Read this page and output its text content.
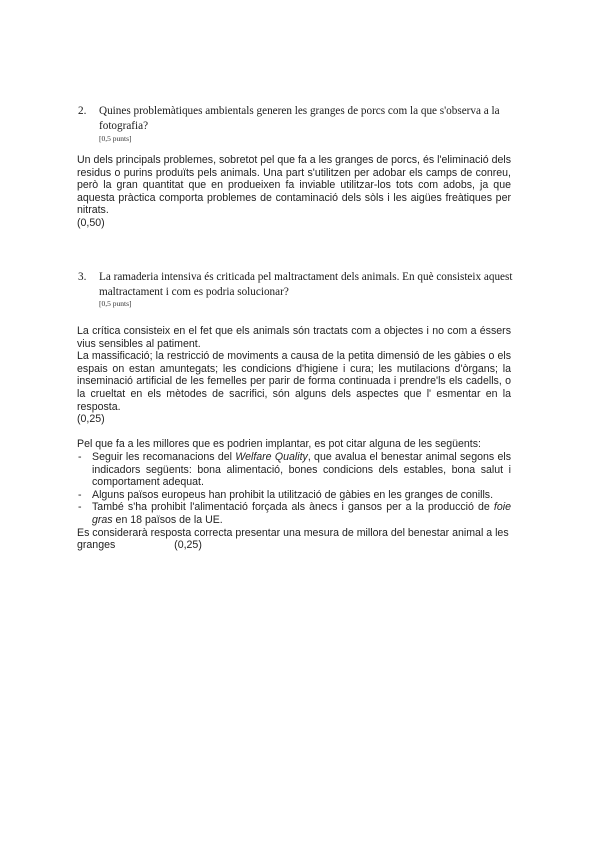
2. Quines problemàtiques ambientals generen les granges de porcs com la que s'observa a la fotografia?
[0,5 punts]

Un dels principals problemes, sobretot pel que fa a les granges de porcs, és l'eliminació dels residus o purins produïts pels animals. Una part s'utilitzen per adobar els camps de conreu, però la gran quantitat que en produeixen fa inviable utilitzar-los tots com adobs, ja que aquesta pràctica comporta problemes de contaminació dels sòls i les aigües freàtiques per nitrats.

(0,50)

3. La ramaderia intensiva és criticada pel maltractament dels animals. En què consisteix aquest maltractament i com es podria solucionar?
[0,5 punts]

La crítica consisteix en el fet que els animals són tractats com a objectes i no com a éssers vius sensibles al patiment.

La massificació; la restricció de moviments a causa de la petita dimensió de les gàbies o els espais on estan amuntegats; les condicions d'higiene i cura; les mutilacions d'òrgans; la inseminació artificial de les femelles per parir de forma continuada i prendre'ls els cadells, o la crueltat en els mètodes de sacrifici, són alguns dels aspectes que l' esmentar en la resposta.

(0,25)

Pel que fa a les millores que es podrien implantar, es pot citar alguna de les següents:

- Seguir les recomanacions del Welfare Quality, que avalua el benestar animal segons els indicadors següents: bona alimentació, bones condicions dels estables, bona salut i comportament adequat.
- Alguns països europeus han prohibit la utilització de gàbies en les granges de conills.
- També s'ha prohibit l'alimentació forçada als ànecs i gansos per a la producció de foie gras en 18 països de la UE.

Es considerarà resposta correcta presentar una mesura de millora del benestar animal a les granges	(0,25)
